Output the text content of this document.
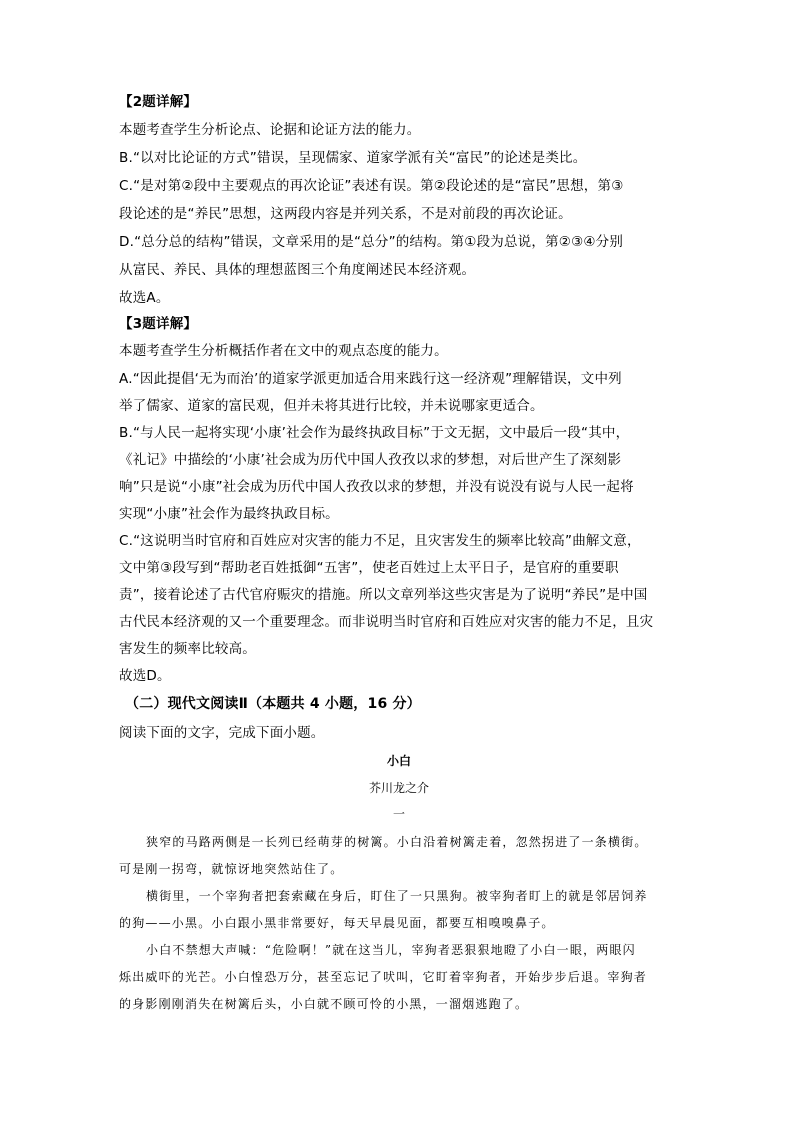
【2题详解】
本题考查学生分析论点、论据和论证方法的能力。
B.“以对比论证的方式”错误，呈现儒家、道家学派有关“富民”的论述是类比。
C.“是对第②段中主要观点的再次论证”表述有误。第②段论述的是“富民”思想，第③
段论述的是“养民”思想，这两段内容是并列关系，不是对前段的再次论证。
D.“总分总的结构”错误，文章采用的是“总分”的结构。第①段为总说，第②③④分别
从富民、养民、具体的理想蓝图三个角度阐述民本经济观。
故选A。
【3题详解】
本题考查学生分析概括作者在文中的观点态度的能力。
A.“因此提倡‘无为而治’的道家学派更加适合用来践行这一经济观”理解错误，文中列
举了儒家、道家的富民观，但并未将其进行比较，并未说哪家更适合。
B.“与人民一起将实现‘小康’社会作为最终执政目标”于文无据，文中最后一段“其中，
《礼记》中描绘的‘小康’社会成为历代中国人孜孜以求的梦想，对后世产生了深刻影
响”只是说“小康”社会成为历代中国人孜孜以求的梦想，并没有说没有说与人民一起将
实现“小康”社会作为最终执政目标。
C.“这说明当时官府和百姓应对灾害的能力不足，且灾害发生的频率比较高”曲解文意，
文中第③段写到“帮助老百姓抵御“五害”，使老百姓过上太平日子，是官府的重要职
责”，接着论述了古代官府赈灾的措施。所以文章列举这些灾害是为了说明“养民”是中国
古代民本经济观的又一个重要理念。而非说明当时官府和百姓应对灾害的能力不足，且灾
害发生的频率比较高。
故选D。
（二）现代文阅读Ⅱ（本题共 4 小题，16 分）
阅读下面的文字，完成下面小题。
小白
芥川龙之介
一
狭窄的马路两侧是一长列已经萌芽的树篱。小白沿着树篱走着，忽然拐进了一条横街。
可是刚一拐弯，就惊讶地突然站住了。
横街里，一个宰狗者把套索藏在身后，盯住了一只黑狗。被宰狗者盯上的就是邻居饲养
的狗——小黑。小白跟小黑非常要好，每天早晨见面，都要互相嗅嗅鼻子。
小白不禁想大声喊：“危险啊！”就在这当儿，宰狗者恶狠狠地瞪了小白一眼，两眼闪
烁出威吓的光芒。小白惶恐万分，甚至忘记了吠叫，它盯着宰狗者，开始步步后退。宰狗者
的身影刚刚消失在树篱后头，小白就不顾可怜的小黑，一溜烟逃跑了。
